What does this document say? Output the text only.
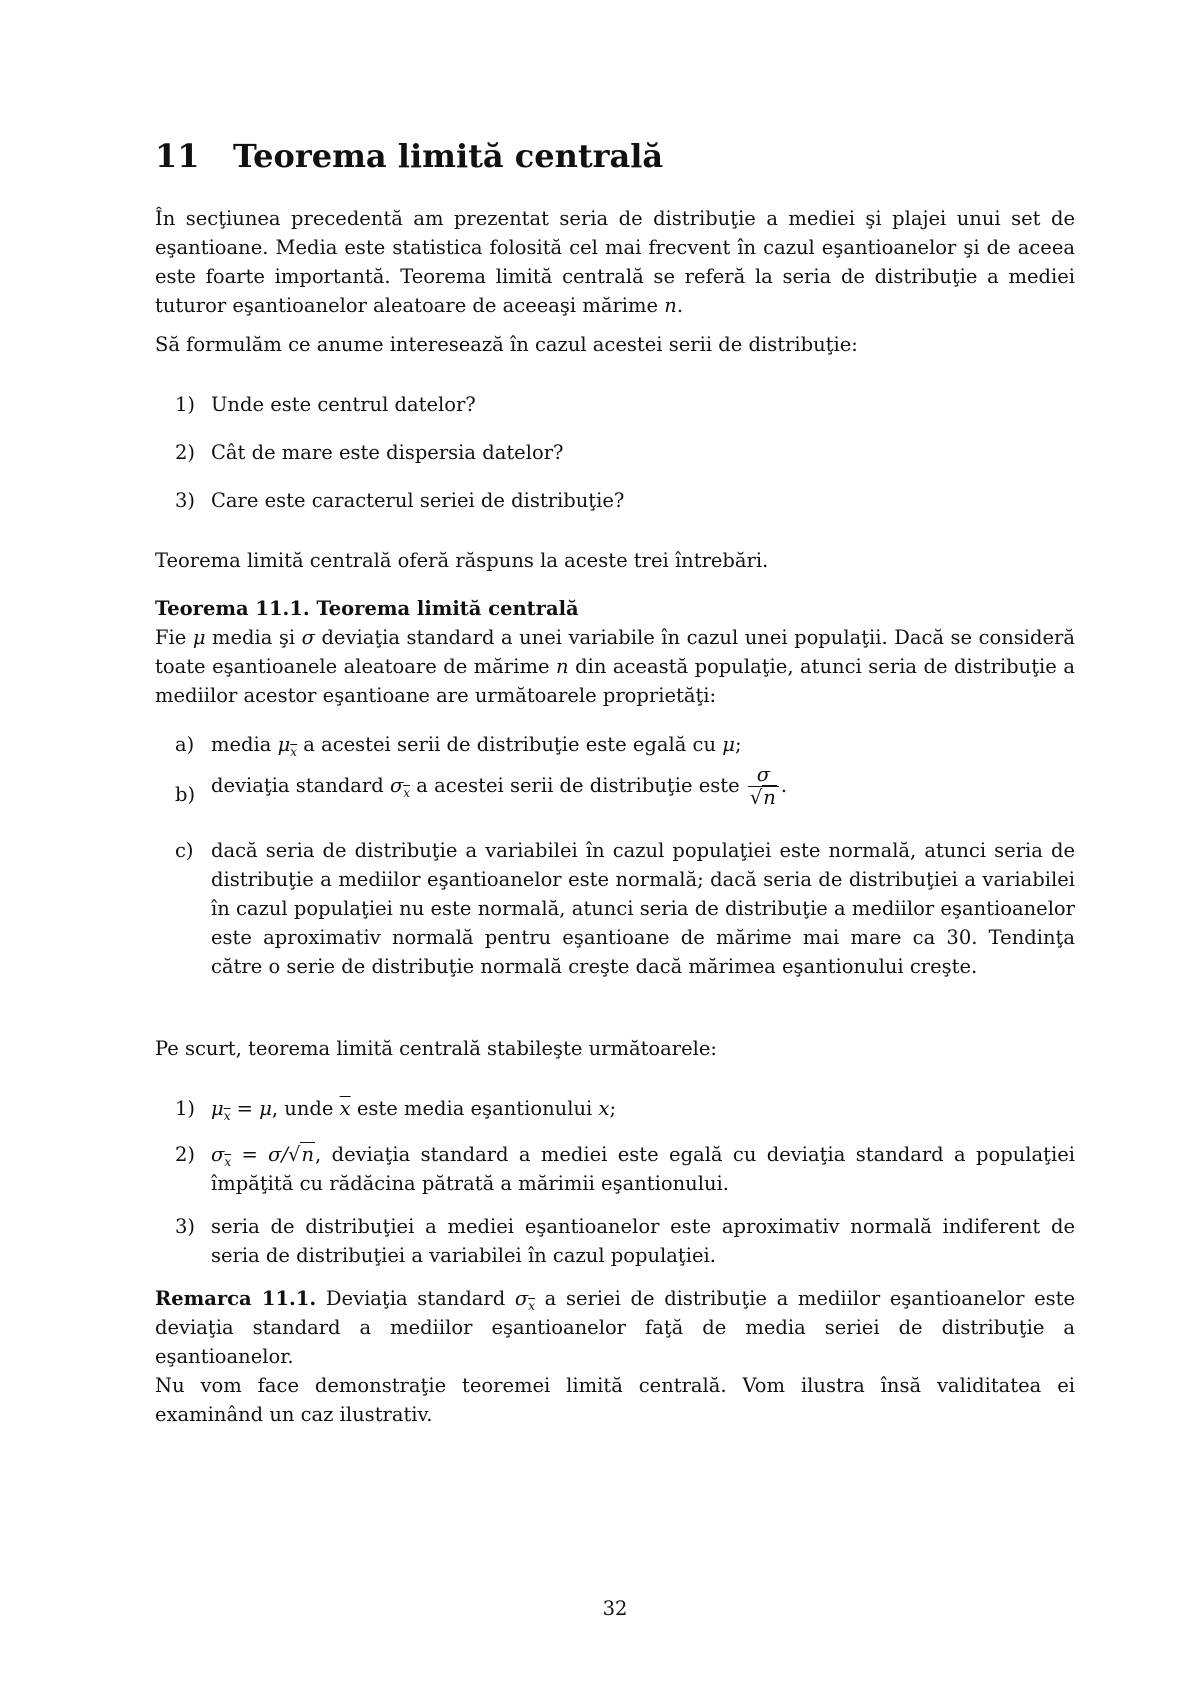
11 Teorema limită centrală

În secţiunea precedentă am prezentat seria de distribuţie a mediei şi plajei unui set de eşantioane. Media este statistica folosită cel mai frecvent în cazul eşantioanelor şi de aceea este foarte importantă. Teorema limită centrală se referă la seria de distribuţie a mediei tuturor eşantioanelor aleatoare de aceeaşi mărime n.

Să formulăm ce anume interesează în cazul acestei serii de distribuţie:

1) Unde este centrul datelor?
2) Cât de mare este dispersia datelor?
3) Care este caracterul seriei de distribuţie?

Teorema limită centrală oferă răspuns la aceste trei întrebări.

Teorema 11.1. Teorema limită centrală
Fie μ media şi σ deviaţia standard a unei variabile în cazul unei populaţii. Dacă se consideră toate eşantioanele aleatoare de mărime n din această populaţie, atunci seria de distribuţie a mediilor acestor eşantioane are următoarele proprietăţi:
a) media $\mu_{\overline{x}}$ a acestei serii de distribuţie este egală cu μ;
b) deviaţia standard $\sigma_{\overline{x}}$ a acestei serii de distribuţie este $\frac{\sigma}{√n}$ .
c) dacă seria de distribuţie a variabilei în cazul populaţiei este normală, atunci seria de distribuţie a mediilor eşantioanelor este normală; dacă seria de distribuţiei a variabilei în cazul populaţiei nu este normală, atunci seria de distribuţie a mediilor eşantioanelor este aproximativ normală pentru eşantioane de mărime mai mare ca 30. Tendinţa către o serie de distribuţie normală creşte dacă mărimea eşantionului creşte.

Pe scurt, teorema limită centrală stabileşte următoarele:

1) $\mu_{\overline{x}} = \mu$, unde $\overline{x}$ este media eşantionului x;
2) $\sigma_{\overline{x}} = \sigma/√n$, deviaţia standard a mediei este egală cu deviaţia standard a populaţiei împăţită cu rădăcina pătrată a mărimii eşantionului.
3) seria de distribuţiei a mediei eşantioanelor este aproximativ normală indiferent de seria de distribuţiei a variabilei în cazul populaţiei.
Remarca 11.1. Deviaţia standard $\sigma_{\overline{x}}$ a seriei de distribuţie a mediilor eşantioanelor este deviaţia standard a mediilor eşantioanelor faţă de media seriei de distribuţie a eşantioanelor.

Nu vom face demonstraţie teoremei limită centrală. Vom ilustra însă validitatea ei examinând un caz ilustrativ.

32
